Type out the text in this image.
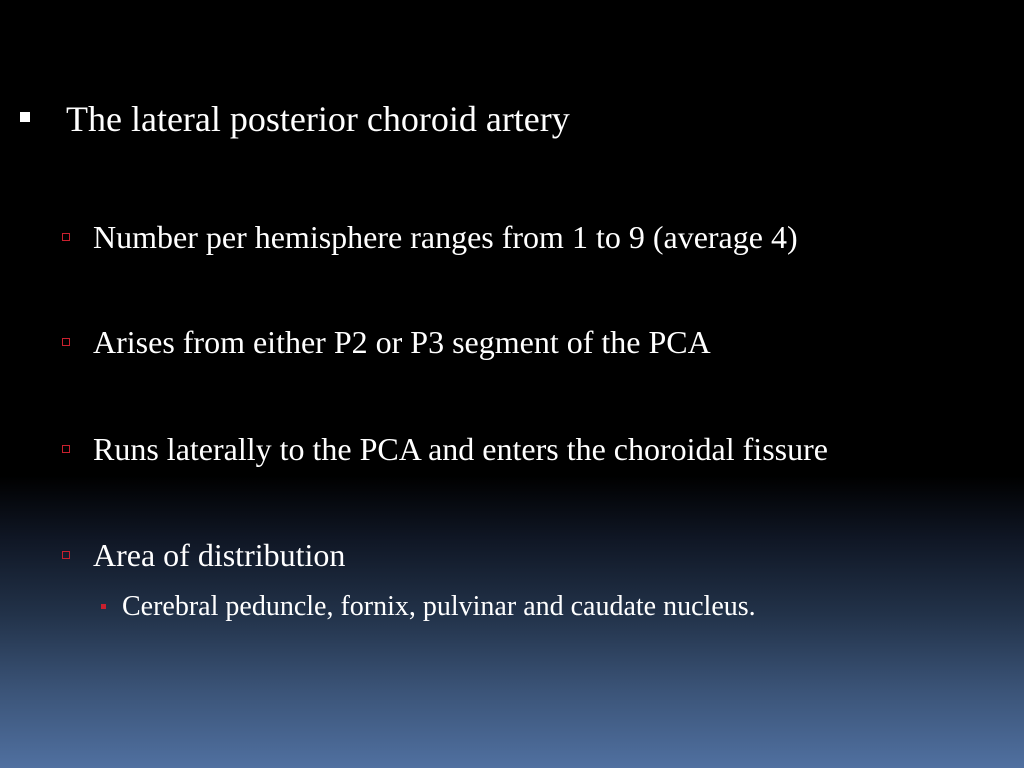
The lateral posterior choroid artery
Number per hemisphere ranges from 1 to 9 (average 4)
Arises from either P2 or P3 segment of the PCA
Runs laterally to the PCA and enters the choroidal fissure
Area of distribution
Cerebral peduncle, fornix, pulvinar and caudate nucleus.
